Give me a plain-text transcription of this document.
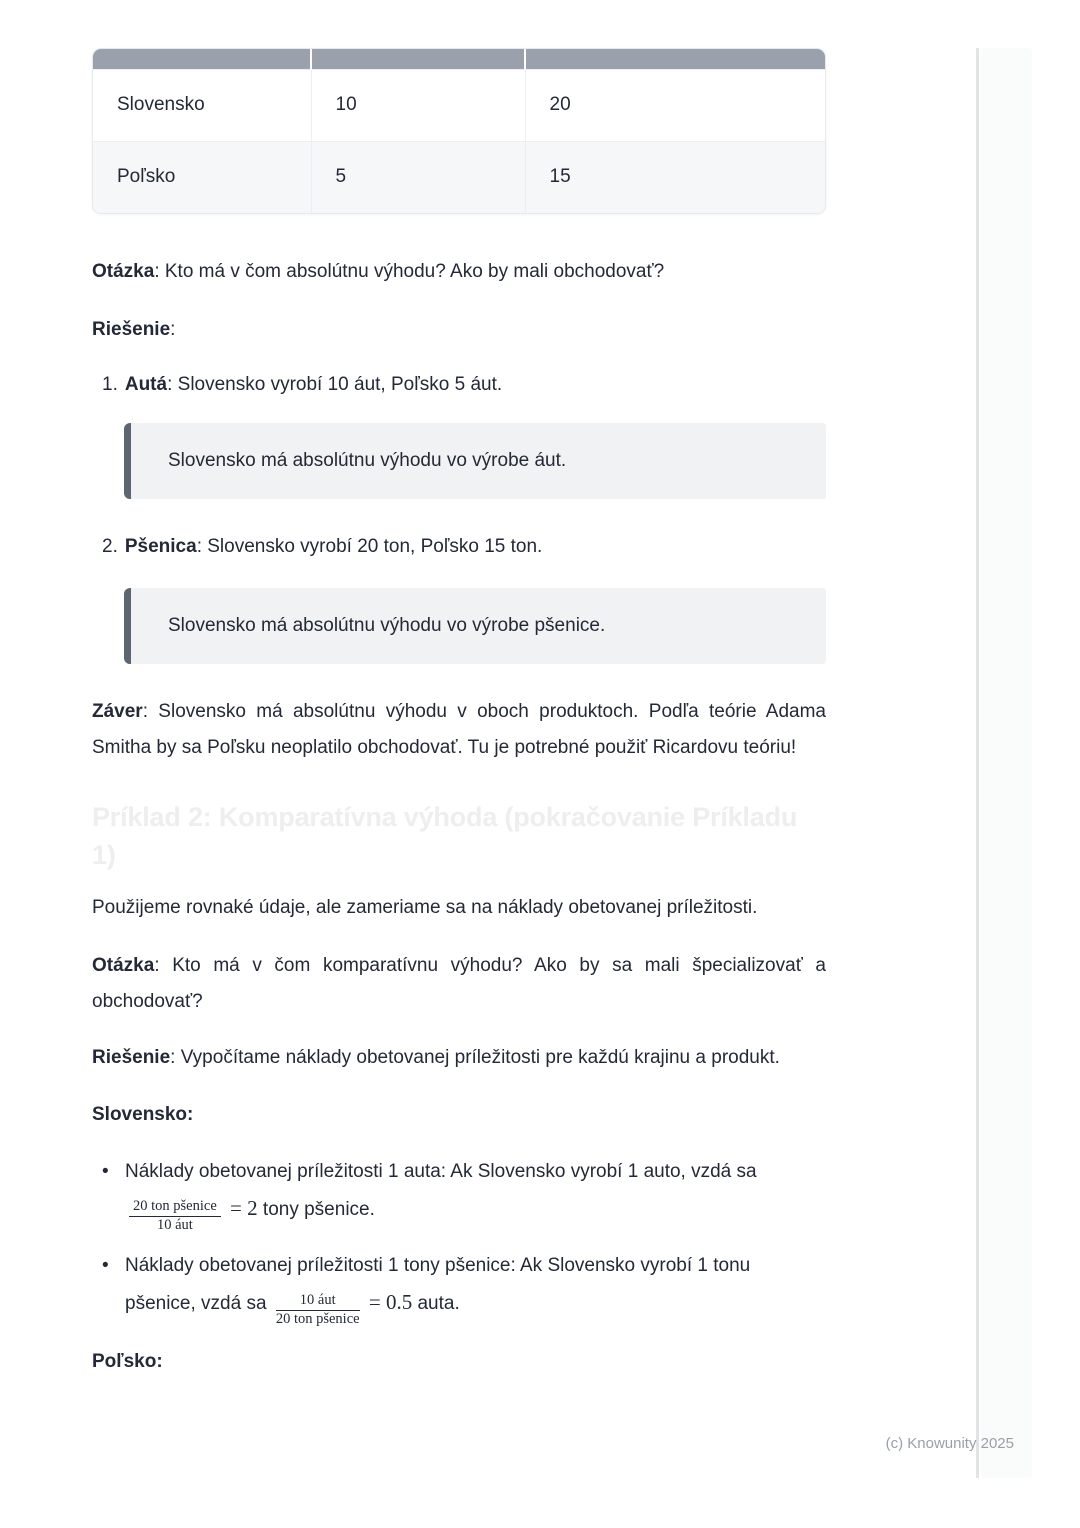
Slovensko	10	20
Poľsko	5	15

Otázka: Kto má v čom absolútnu výhodu? Ako by mali obchodovať?

Riešenie:

1. Autá: Slovensko vyrobí 10 áut, Poľsko 5 áut.
Slovensko má absolútnu výhodu vo výrobe áut.
2. Pšenica: Slovensko vyrobí 20 ton, Poľsko 15 ton.
Slovensko má absolútnu výhodu vo výrobe pšenice.

Záver: Slovensko má absolútnu výhodu v oboch produktoch. Podľa teórie Adama Smitha by sa Poľsku neoplatilo obchodovať. Tu je potrebné použiť Ricardovu teóriu!

Príklad 2: Komparatívna výhoda (pokračovanie Príkladu 1)

Použijeme rovnaké údaje, ale zameriame sa na náklady obetovanej príležitosti.

Otázka: Kto má v čom komparatívnu výhodu? Ako by sa mali špecializovať a obchodovať?

Riešenie: Vypočítame náklady obetovanej príležitosti pre každú krajinu a produkt.

Slovensko:
• Náklady obetovanej príležitosti 1 auta: Ak Slovensko vyrobí 1 auto, vzdá sa
$\frac{\text{20 ton pšenice}}{\text{10 áut}} = 2$ tony pšenice.
• Náklady obetovanej príležitosti 1 tony pšenice: Ak Slovensko vyrobí 1 tonu pšenice, vzdá sa $\frac{\text{10 áut}}{\text{20 ton pšenice}} = 0.5$ auta.
Poľsko:
(c) Knowunity 2025
